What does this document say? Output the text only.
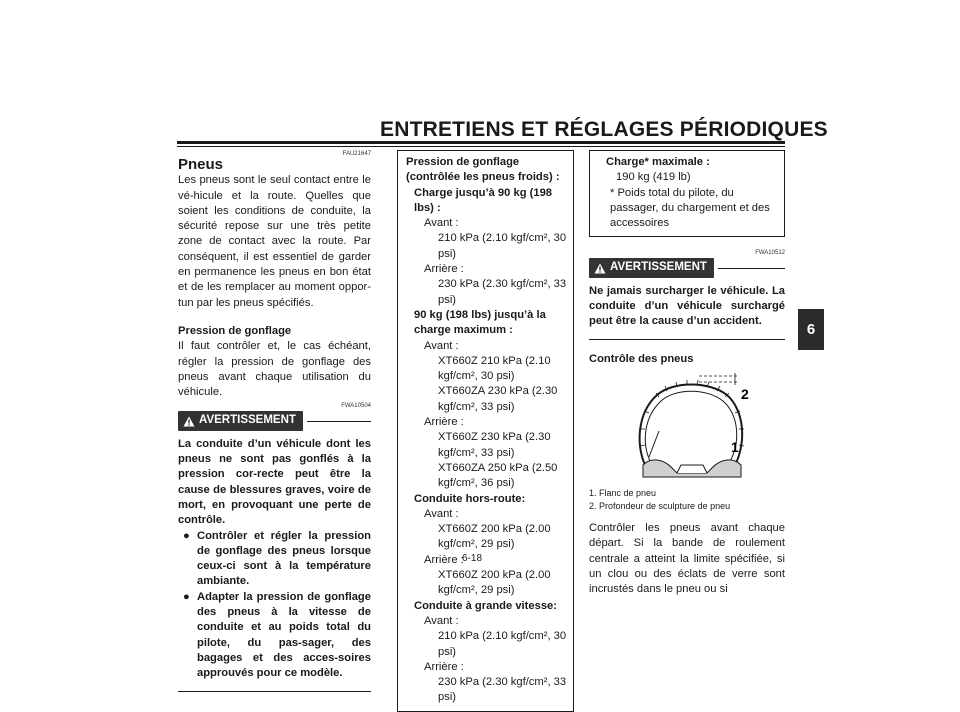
ENTRETIENS ET RÉGLAGES PÉRIODIQUES
6
FAU21647
Pneus

Les pneus sont le seul contact entre le vé-hicule et la route. Quelles que soient les conditions de conduite, la sécurité repose sur une très petite zone de contact avec la route. Par conséquent, il est essentiel de garder en permanence les pneus en bon état et de les remplacer au moment oppor-tun par les pneus spécifiés.

Pression de gonflage

Il faut contrôler et, le cas échéant, régler la pression de gonflage des pneus avant chaque utilisation du véhicule.

FWA10504
AVERTISSEMENT

La conduite d’un véhicule dont les pneus ne sont pas gonflés à la pression cor-recte peut être la cause de blessures graves, voire de mort, en provoquant une perte de contrôle.

● Contrôler et régler la pression de gonflage des pneus lorsque ceux-ci sont à la température ambiante.
● Adapter la pression de gonflage des pneus à la vitesse de conduite et au poids total du pilote, du pas-sager, des bagages et des acces-soires approuvés pour ce modèle.

Pression de gonflage (contrôlée les pneus froids) :

Charge jusqu’à 90 kg (198 lbs) :

Avant :

210 kPa (2.10 kgf/cm², 30 psi)

Arrière :

230 kPa (2.30 kgf/cm², 33 psi)

90 kg (198 lbs) jusqu’à la charge maximum :

Avant :

XT660Z 210 kPa (2.10 kgf/cm², 30 psi)

XT660ZA 230 kPa (2.30 kgf/cm², 33 psi)

Arrière :

XT660Z 230 kPa (2.30 kgf/cm², 33 psi)

XT660ZA 250 kPa (2.50 kgf/cm², 36 psi)

Conduite hors-route:

Avant :

XT660Z 200 kPa (2.00 kgf/cm², 29 psi)

Arrière :

XT660Z 200 kPa (2.00 kgf/cm², 29 psi)

Conduite à grande vitesse:

Avant :

210 kPa (2.10 kgf/cm², 30 psi)

Arrière :

230 kPa (2.30 kgf/cm², 33 psi)

Charge* maximale :

190 kg (419 lb)

* Poids total du pilote, du passager, du chargement et des accessoires

FWA10512
AVERTISSEMENT

Ne jamais surcharger le véhicule. La conduite d’un véhicule surchargé peut être la cause d’un accident.

Contrôle des pneus

2
1

1. Flanc de pneu

2. Profondeur de sculpture de pneu

Contrôler les pneus avant chaque départ. Si la bande de roulement centrale a atteint la limite spécifiée, si un clou ou des éclats de verre sont incrustés dans le pneu ou si

6-18
